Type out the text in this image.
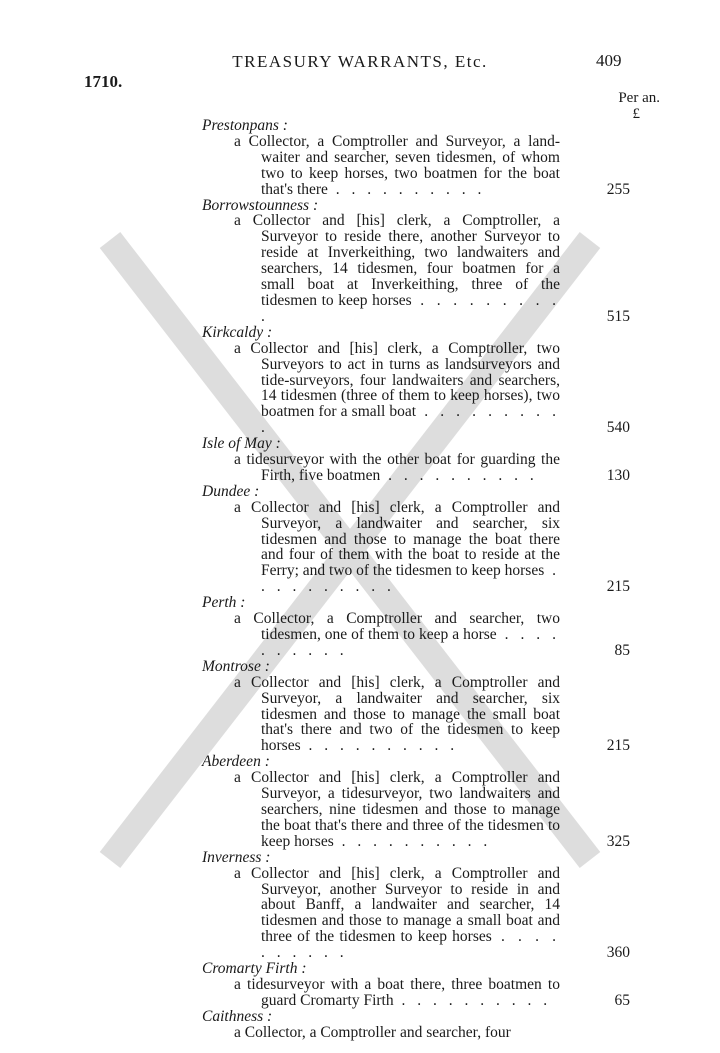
TREASURY WARRANTS, Etc.	409
1710.
Per an.
£
Prestonpans :
a Collector, a Comptroller and Surveyor, a land-waiter and searcher, seven tidesmen, of whom two to keep horses, two boatmen for the boat that's there . . . . . . . . . .	255
Borrowstounness :
a Collector and [his] clerk, a Comptroller, a Surveyor to reside there, another Surveyor to reside at Inverkeithing, two landwaiters and searchers, 14 tidesmen, four boatmen for a small boat at Inverkeithing, three of the tidesmen to keep horses . . . . . . . . . .	515
Kirkcaldy :
a Collector and [his] clerk, a Comptroller, two Surveyors to act in turns as landsurveyors and tide-surveyors, four landwaiters and searchers, 14 tidesmen (three of them to keep horses), two boatmen for a small boat . . . . . . . . . .	540
Isle of May :
a tidesurveyor with the other boat for guarding the Firth, five boatmen . . . . . . . . . .	130
Dundee :
a Collector and [his] clerk, a Comptroller and Surveyor, a landwaiter and searcher, six tidesmen and those to manage the boat there and four of them with the boat to reside at the Ferry; and two of the tidesmen to keep horses . . . . . . . . . .	215
Perth :
a Collector, a Comptroller and searcher, two tidesmen, one of them to keep a horse . . . . . . . . . .	85
Montrose :
a Collector and [his] clerk, a Comptroller and Surveyor, a landwaiter and searcher, six tidesmen and those to manage the small boat that's there and two of the tidesmen to keep horses . . . . . . . . . .	215
Aberdeen :
a Collector and [his] clerk, a Comptroller and Surveyor, a tidesurveyor, two landwaiters and searchers, nine tidesmen and those to manage the boat that's there and three of the tidesmen to keep horses . . . . . . . . . .	325
Inverness :
a Collector and [his] clerk, a Comptroller and Surveyor, another Surveyor to reside in and about Banff, a landwaiter and searcher, 14 tidesmen and those to manage a small boat and three of the tidesmen to keep horses . . . . . . . . . .	360
Cromarty Firth :
a tidesurveyor with a boat there, three boatmen to guard Cromarty Firth . . . . . . . . . .	65
Caithness :
a Collector, a Comptroller and searcher, four
